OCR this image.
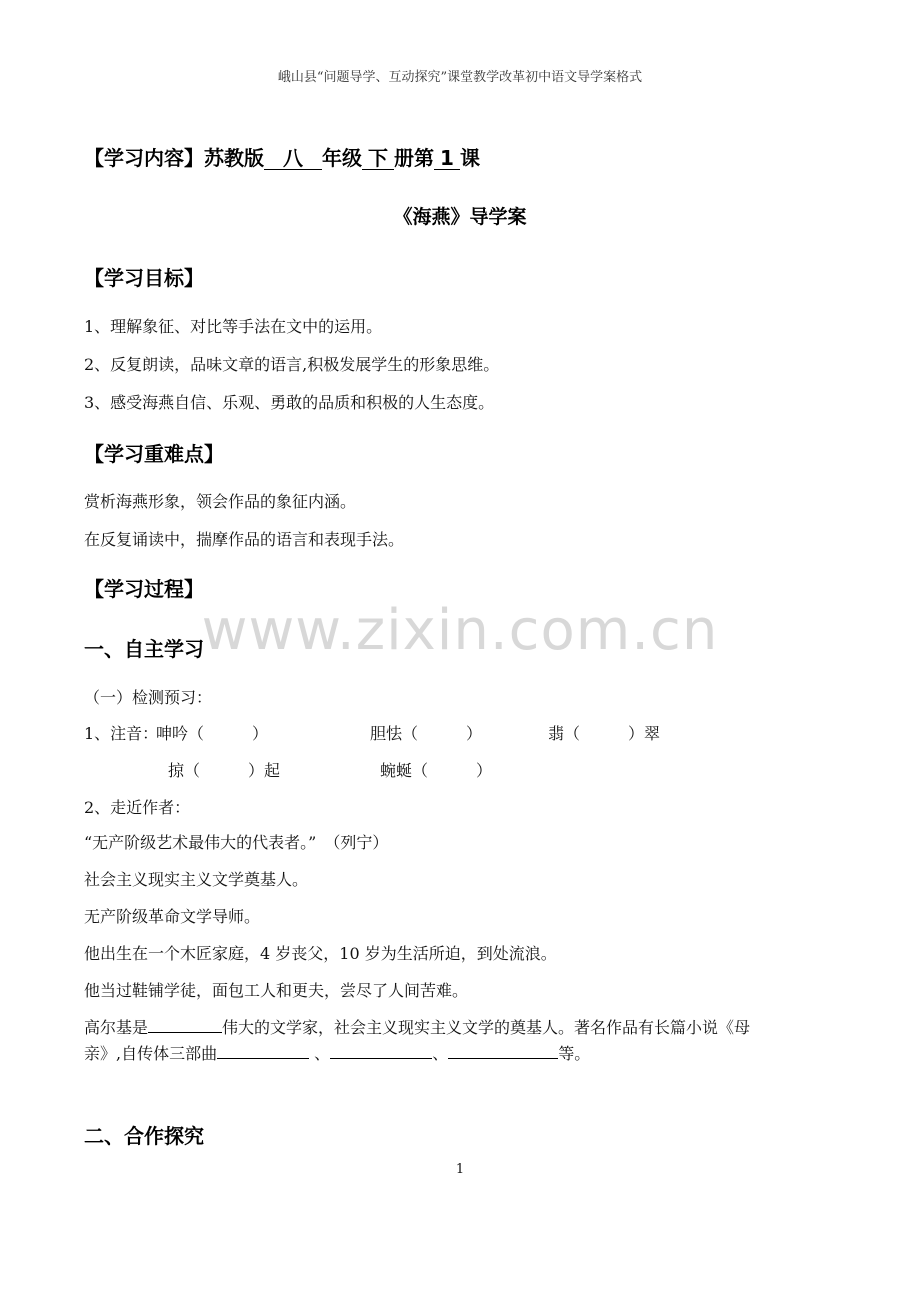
峨山县“问题导学、互动探究”课堂教学改革初中语文导学案格式
【学习内容】苏教版 八 年级 下 册第 1 课
《海燕》导学案
【学习目标】
1、理解象征、对比等手法在文中的运用。
2、反复朗读，品味文章的语言,积极发展学生的形象思维。
3、感受海燕自信、乐观、勇敢的品质和积极的人生态度。
【学习重难点】
赏析海燕形象，领会作品的象征内涵。
在反复诵读中，揣摩作品的语言和表现手法。
【学习过程】
www.zixin.com.cn
一、自主学习
（一）检测预习：
1、注音：
呻吟（　　　）	胆怯（　　　）	翡（　　　）翠
掠（　　　）起	蜿蜒（　　　）
2、走近作者：
“无产阶级艺术最伟大的代表者。”　（列宁）
社会主义现实主义文学奠基人。
无产阶级革命文学导师。
他出生在一个木匠家庭，4 岁丧父，10 岁为生活所迫，到处流浪。
他当过鞋铺学徒，面包工人和更夫，尝尽了人间苦难。
高尔基是	伟大的文学家，社会主义现实主义文学的奠基人。著名作品有长篇小说《母
亲》,自传体三部曲	、	、	等。
二、合作探究
1
